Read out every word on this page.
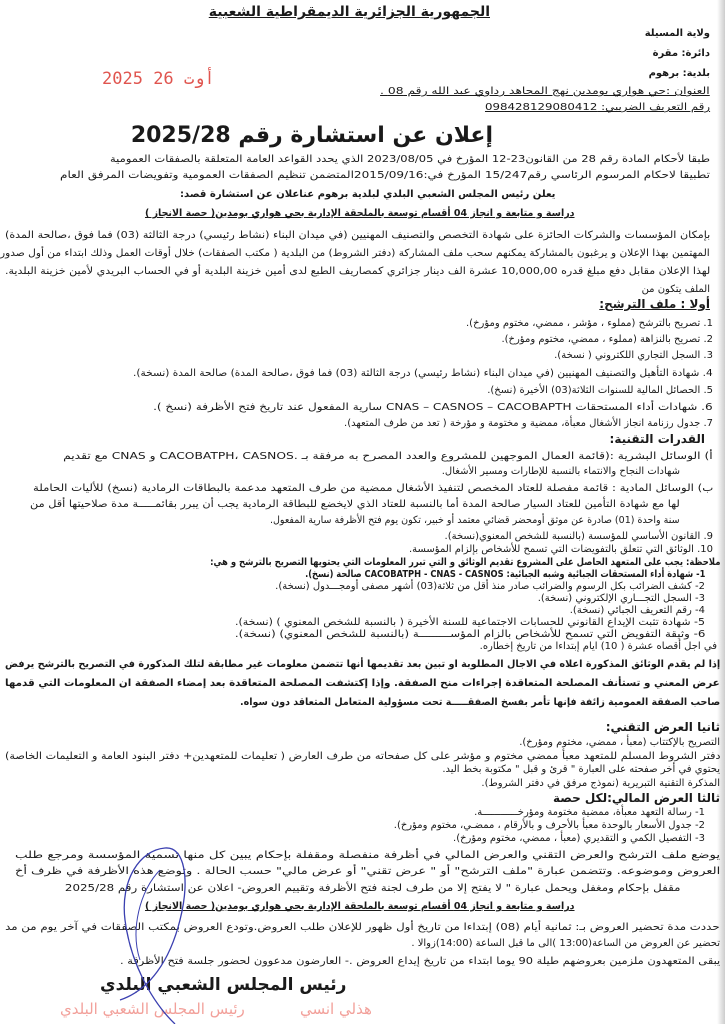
الجمهورية الجزائرية الديمقراطية الشعبية
ولاية المسيلة
دائرة: مقرة
بلدية: برهوم
2025 أوت 26
العنوان :حي هواري بومدين نهج المجاهد رداوي عبد الله رقم 08 .
رقم التعريف الضريبي: 098428129080412
إعلان عن استشارة رقم 2025/28
طبقا لأحكام المادة رقم 28 من القانون23-12 المؤرخ في 2023/08/05 الذي يحدد القواعد العامة المتعلقة بالصفقات العمومية
تطبيقا لاحكام المرسوم الرئاسي رقم15/247 المؤرخ في:2015/09/16المتضمن تنظيم الصفقات العمومية وتفويضات المرفق العام
يعلن رئيس المجلس الشعبي البلدي لبلدية برهوم عناعلان عن استشارة قصد:
دراسة و متابعة و انجاز 04 أقسام توسعة بالملحقة الإدارية بحي هواري بومدين( حصة الانجاز )
بإمكان المؤسسات والشركات الحائزة على شهادة التخصص والتصنيف المهنيين (في ميدان البناء (نشاط رئيسي) درجة الثالثة (03) فما فوق ،صالحة المدة)
المهتمين بهذا الإعلان و يرغبون بالمشاركة يمكنهم سحب ملف المشاركة (دفتر الشروط) من البلدية ( مكتب الصفقات) خلال أوقات العمل وذلك ابتداء من أول صدور
لهذا الإعلان مقابل دفع مبلغ قدره 10,000,00 عشرة الف دينار جزائري كمصاريف الطبع لدى أمين خزينة البلدية أو في الحساب البريدي لأمين خزينة البلدية.
الملف يتكون من
أولا : ملف الترشح:
1. تصريح بالترشح (مملوء ، مؤشر ، ممضي، مختوم ومؤرخ).
2. تصريح بالنزاهة (مملوء ، ممضي، مختوم ومؤرخ).
3. السجل التجاري اللكتروني ( نسخة).
4. شهادة التأهيل والتصنيف المهنيين (في ميدان البناء (نشاط رئيسي) درجة الثالثة (03) فما فوق ،صالحة المدة) صالحة المدة (نسخة).
5. الحصائل المالية للسنوات الثلاثة(03) الأخيرة (نسخ).
6. شهادات أداء المستحقات CNAS – CASNOS – CACOBAPTH سارية المفعول عند تاريخ فتح الأظرفة (نسخ ).
7. جدول رزنامة انجاز الأشغال معبأة، ممضية و مختومة و مؤرخة ( تعد من طرف المتعهد).
القدرات التقنية:
أ) الوسائل البشرية :(قائمة العمال الموجهين للمشروع والعدد المصرح به مرفقة بـ .CACOBATPH، CASNOS و CNAS مع تقديم
شهادات النجاح والانتماء بالنسبة للإطارات ومسير الأشغال.
ب) الوسائل المادية : قائمة مفصلة للعتاد المخصص لتنفيذ الأشغال ممضية من طرف المتعهد مدعمة بالبطاقات الرمادية (نسخ) للأليات الحاملة
لها مع شهادة التأمين للعتاد السيار صالحة المدة أما بالنسبة للعتاد الذي لايخضع للبطاقة الرمادية يجب أن يبرر بقائمـــــة مدة صلاحيتها أقل من
سنة واحدة (01) صادرة عن موثق أومحضر قضائي معتمد أو خبير، تكون يوم فتح الأظرفة سارية المفعول.
9. القانون الأساسي للمؤسسة (بالنسبة للشخص المعنوي(نسخة).
10. الوثائق التي تتعلق بالتفويضات التي تسمح للأشخاص بإلزام المؤسسة.
ملاحظة: يجب على المتعهد الحاصل على المشروع تقديم الوثائق و التي تبرر المعلومات التي يحتويها التصريح بالترشح و هي:
1- شهادة أداء المستحقات الجبائية وشبه الجبائية: CACOBATPH - CNAS - CASNOS صالحة (نسخ).
2- كشف الضرائب بكل الرسوم والضرائب صادر منذ أقل من ثلاثة(03) أشهر مصفى أومجـــدول (نسخة).
3- السجل التجـــاري الإلكتروني (نسخة).
4- رقم التعريف الجبائي (نسخة).
5- شهادة تثبت الإيداع القانوني للحسابات الاجتماعية للسنة الأخيرة ( بالنسبة للشخص المعنوي ) (نسخة).
6- وثيقة التفويض التي تسمح للأشخاص بالزام المؤســـــــــة (بالنسبة للشخص المعنوي) (نسخة).
في اجل أقصاه عشرة ( 10) ايام إبتداءا من تاريخ إخطاره.
إذا لم يقدم الوثائق المذكورة اعلاه في الاجال المطلوبة او تبين بعد تقديمها أنها تتضمن معلومات غير مطابقة لتلك المذكورة في التصريح بالترشح يرفض
عرض المعني و تستأنف المصلحة المتعاقدة إجراءات منح الصفقة. وإذا إكتشفت المصلحة المتعاقدة بعد إمضاء الصفقة ان المعلومات التي قدمها
صاحب الصفقة العمومية زائفة فإنها تأمر بفسخ الصفقـــــة تحت مسؤولية المتعامل المتعاقد دون سواه.
ثانيا العرض التقني:
التصريح بالإكتتاب (معبأ ، ممضي، مختوم ومؤرخ).
دفتر الشروط المسلم للمتعهد معبأ ممضي مختوم و مؤشر على كل صفحاته من طرف العارض ( تعليمات للمتعهدين+ دفتر البنود العامة و التعليمات الخاصة)
يحتوي في أخر صفحته على العبارة " قرئ و قبل " مكتوبة بخط اليد.
المذكرة التقنية التبريرية (نموذج مرفق في دفتر الشروط).
ثالثا العرض المالي:لكل حصة
1- رسالة التعهد معبأة، ممضية مختومة ومؤرخــــــــــــة.
2- جدول الأسعار بالوحدة معبأ بالأحرف و بالأرقام ، ممضـي، مختوم ومؤرخ).
3- التفصيل الكمي و التقديري (معبأ ، ممضي، مختوم ومؤرخ).
يوضع ملف الترشح والعرض التقني والعرض المالي في أظرفة منفصلة ومقفلة بإحكام يبين كل منها تسمية المؤسسة ومرجع طلب
العروض وموضوعه. وتتضمن عبارة "ملف الترشح" أو " عرض تقني" أو عرض مالي" حسب الحالة . وتوضع هذه الأظرفة في ظرف أخ
مقفل بإحكام ومغفل ويحمل عبارة " لا يفتح إلا من طرف لجنة فتح الأظرفة وتقييم العروض- اعلان عن استشارة رقم 2025/28
دراسة و متابعة و انجاز 04 أقسام توسعة بالملحقة الإدارية بحي هواري بومدين( حصة الانجاز )
حددت مدة تحضير العروض بـ: ثمانية أيام (08) إبتداءا من تاريخ أول ظهور للإعلان طلب العروض.وتودع العروض بمكتب الصفقات في آخر يوم من مد
تحضير عن العروض من الساعة(13:00 )الى ما قبل الساعة (14:00)زوالا .
يبقى المتعهدون ملزمين بعروضهم طيلة 90 يوما ابتداء من تاريخ إيداع العروض .- العارضون مدعوون لحضور جلسة فتح الأظرفة .
رئيس المجلس الشعبي البلدي
رئيس المجلس الشعبي البلدي	هذلي انسي
